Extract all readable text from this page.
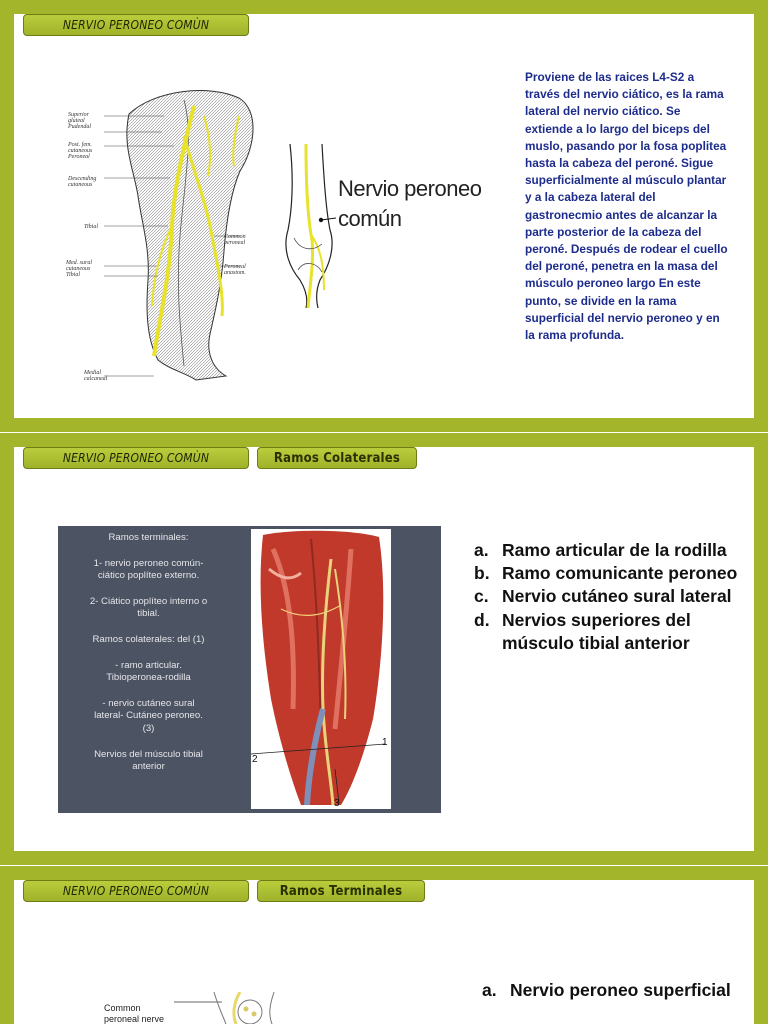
NERVIO PERONEO COMÙN
Superior
gluteal
Pudendal
Post. fem.
cutaneous
Peroneal
Descending
cutaneous
Tibial
Med. sural
cutaneous
Tibial
Common
peroneal
Peroneal
anastom.
Medial
calcaneal
Nervio peroneo
común

Proviene de las raices L4-S2 a través del nervio ciático, es la rama lateral del nervio ciático. Se extiende a lo largo del biceps del muslo, pasando por la fosa poplitea hasta la cabeza del peroné. Sigue superficialmente al músculo plantar y a la cabeza lateral del gastronecmio antes de alcanzar la parte posterior de la cabeza del peroné. Después de rodear el cuello del peroné, penetra en la masa del músculo peroneo largo En este punto, se divide en la rama superficial del nervio peroneo y en la rama profunda.

NERVIO PERONEO COMÙN	Ramos Colaterales
Ramos terminales:
1- nervio peroneo común-
ciático poplíteo externo.
2- Ciático poplíteo interno o
tibial.
Ramos colaterales: del (1)
- ramo articular.
Tibioperonea-rodilla
- nervio cutáneo sural
lateral- Cutáneo peroneo.
(3)
Nervios del músculo tibial
anterior
1
2
3
a. Ramo articular de la rodilla
b. Ramo comunicante peroneo
c. Nervio cutáneo sural lateral
d. Nervios superiores del músculo tibial anterior
NERVIO PERONEO COMÙN	Ramos Terminales
Common
peroneal nerve
a. Nervio peroneo superficial
